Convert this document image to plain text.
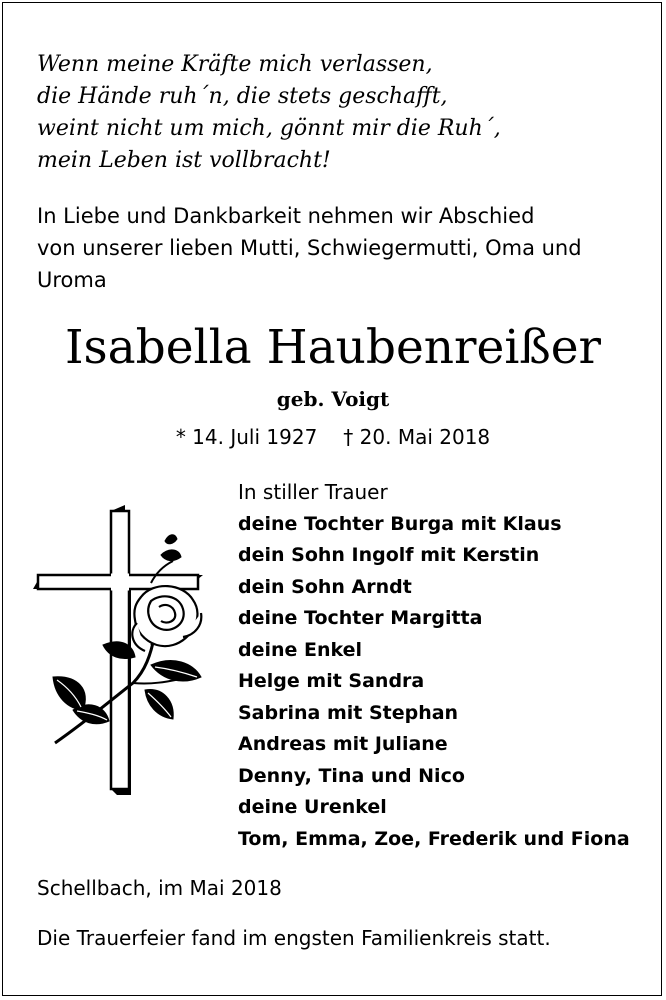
Wenn meine Kräfte mich verlassen,
die Hände ruh´n, die stets geschafft,
weint nicht um mich, gönnt mir die Ruh´,
mein Leben ist vollbracht!
In Liebe und Dankbarkeit nehmen wir Abschied
von unserer lieben Mutti, Schwiegermutti, Oma und
Uroma
Isabella Haubenreißer
geb. Voigt
* 14. Juli 1927 † 20. Mai 2018
In stiller Trauer
deine Tochter Burga mit Klaus
dein Sohn Ingolf mit Kerstin
dein Sohn Arndt
deine Tochter Margitta
deine Enkel
Helge mit Sandra
Sabrina mit Stephan
Andreas mit Juliane
Denny, Tina und Nico
deine Urenkel
Tom, Emma, Zoe, Frederik und Fiona
Schellbach, im Mai 2018
Die Trauerfeier fand im engsten Familienkreis statt.
